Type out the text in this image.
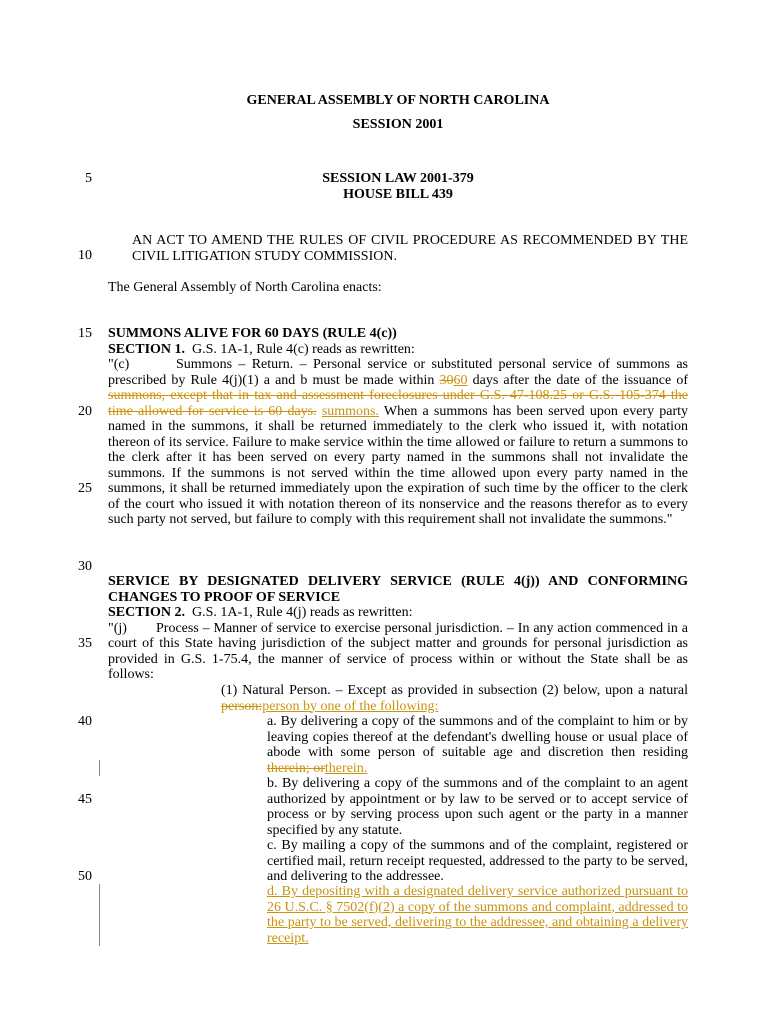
GENERAL ASSEMBLY OF NORTH CAROLINA
SESSION 2001
SESSION LAW 2001-379
HOUSE BILL 439
5
10
15
20
25
30
35
40
45
50
AN ACT TO AMEND THE RULES OF CIVIL PROCEDURE AS RECOMMENDED BY THE CIVIL LITIGATION STUDY COMMISSION.
The General Assembly of North Carolina enacts:
SUMMONS ALIVE FOR 60 DAYS (RULE 4(c))
SECTION 1. G.S. 1A-1, Rule 4(c) reads as rewritten:
"(c)	Summons – Return. – Personal service or substituted personal service of summons as prescribed by Rule 4(j)(1) a and b must be made within 3060 days after the date of the issuance of summons, except that in tax and assessment foreclosures under G.S. 47-108.25 or G.S. 105-374 the time allowed for service is 60 days. summons. When a summons has been served upon every party named in the summons, it shall be returned immediately to the clerk who issued it, with notation thereon of its service. Failure to make service within the time allowed or failure to return a summons to the clerk after it has been served on every party named in the summons shall not invalidate the summons. If the summons is not served within the time allowed upon every party named in the summons, it shall be returned immediately upon the expiration of such time by the officer to the clerk of the court who issued it with notation thereon of its nonservice and the reasons therefor as to every such party not served, but failure to comply with this requirement shall not invalidate the summons."
SERVICE BY DESIGNATED DELIVERY SERVICE (RULE 4(j)) AND CONFORMING CHANGES TO PROOF OF SERVICE
SECTION 2. G.S. 1A-1, Rule 4(j) reads as rewritten:
"(j) Process – Manner of service to exercise personal jurisdiction. – In any action commenced in a court of this State having jurisdiction of the subject matter and grounds for personal jurisdiction as provided in G.S. 1-75.4, the manner of service of process within or without the State shall be as follows:
(1) Natural Person. – Except as provided in subsection (2) below, upon a natural person:person by one of the following:
a. By delivering a copy of the summons and of the complaint to him or by leaving copies thereof at the defendant's dwelling house or usual place of abode with some person of suitable age and discretion then residing therein; ortherein.
b. By delivering a copy of the summons and of the complaint to an agent authorized by appointment or by law to be served or to accept service of process or by serving process upon such agent or the party in a manner specified by any statute.
c. By mailing a copy of the summons and of the complaint, registered or certified mail, return receipt requested, addressed to the party to be served, and delivering to the addressee.
d. By depositing with a designated delivery service authorized pursuant to 26 U.S.C. § 7502(f)(2) a copy of the summons and complaint, addressed to the party to be served, delivering to the addressee, and obtaining a delivery receipt.
